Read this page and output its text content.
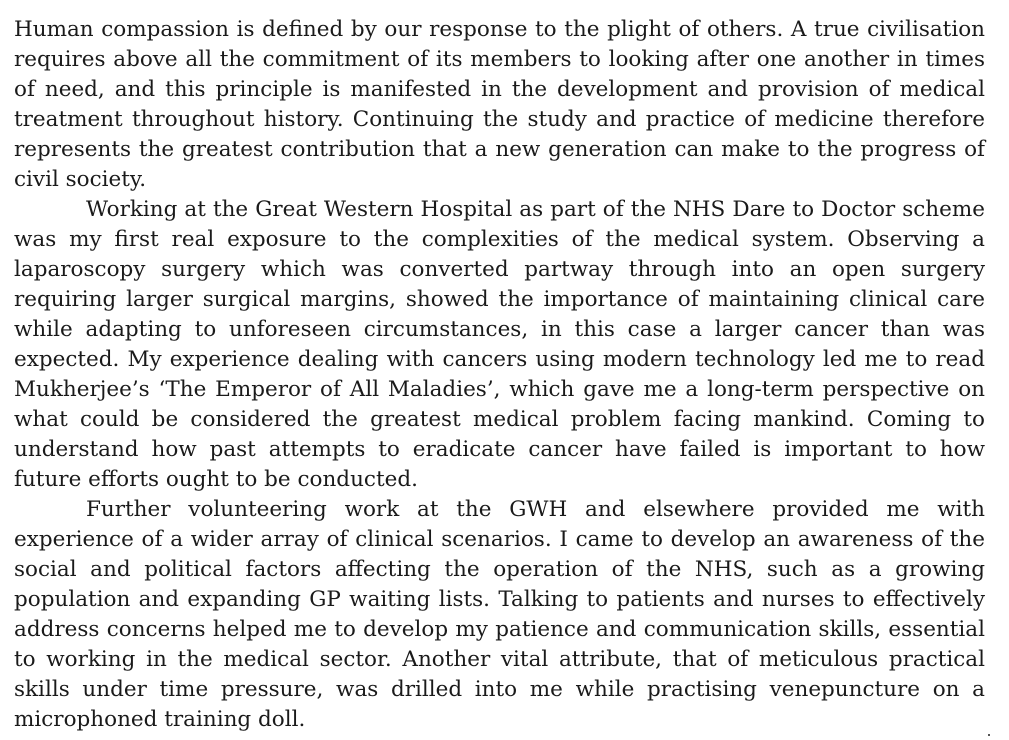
Human compassion is defined by our response to the plight of others. A true civilisation requires above all the commitment of its members to looking after one another in times of need, and this principle is manifested in the development and provision of medical treatment throughout history. Continuing the study and practice of medicine therefore represents the greatest contribution that a new generation can make to the progress of civil society.

Working at the Great Western Hospital as part of the NHS Dare to Doctor scheme was my first real exposure to the complexities of the medical system. Observing a laparoscopy surgery which was converted partway through into an open surgery requiring larger surgical margins, showed the importance of maintaining clinical care while adapting to unforeseen circumstances, in this case a larger cancer than was expected. My experience dealing with cancers using modern technology led me to read Mukherjee’s ‘The Emperor of All Maladies’, which gave me a long-term perspective on what could be considered the greatest medical problem facing mankind. Coming to understand how past attempts to eradicate cancer have failed is important to how future efforts ought to be conducted.

Further volunteering work at the GWH and elsewhere provided me with experience of a wider array of clinical scenarios. I came to develop an awareness of the social and political factors affecting the operation of the NHS, such as a growing population and expanding GP waiting lists. Talking to patients and nurses to effectively address concerns helped me to develop my patience and communication skills, essential to working in the medical sector. Another vital attribute, that of meticulous practical skills under time pressure, was drilled into me while practising venepuncture on a microphoned training doll.
